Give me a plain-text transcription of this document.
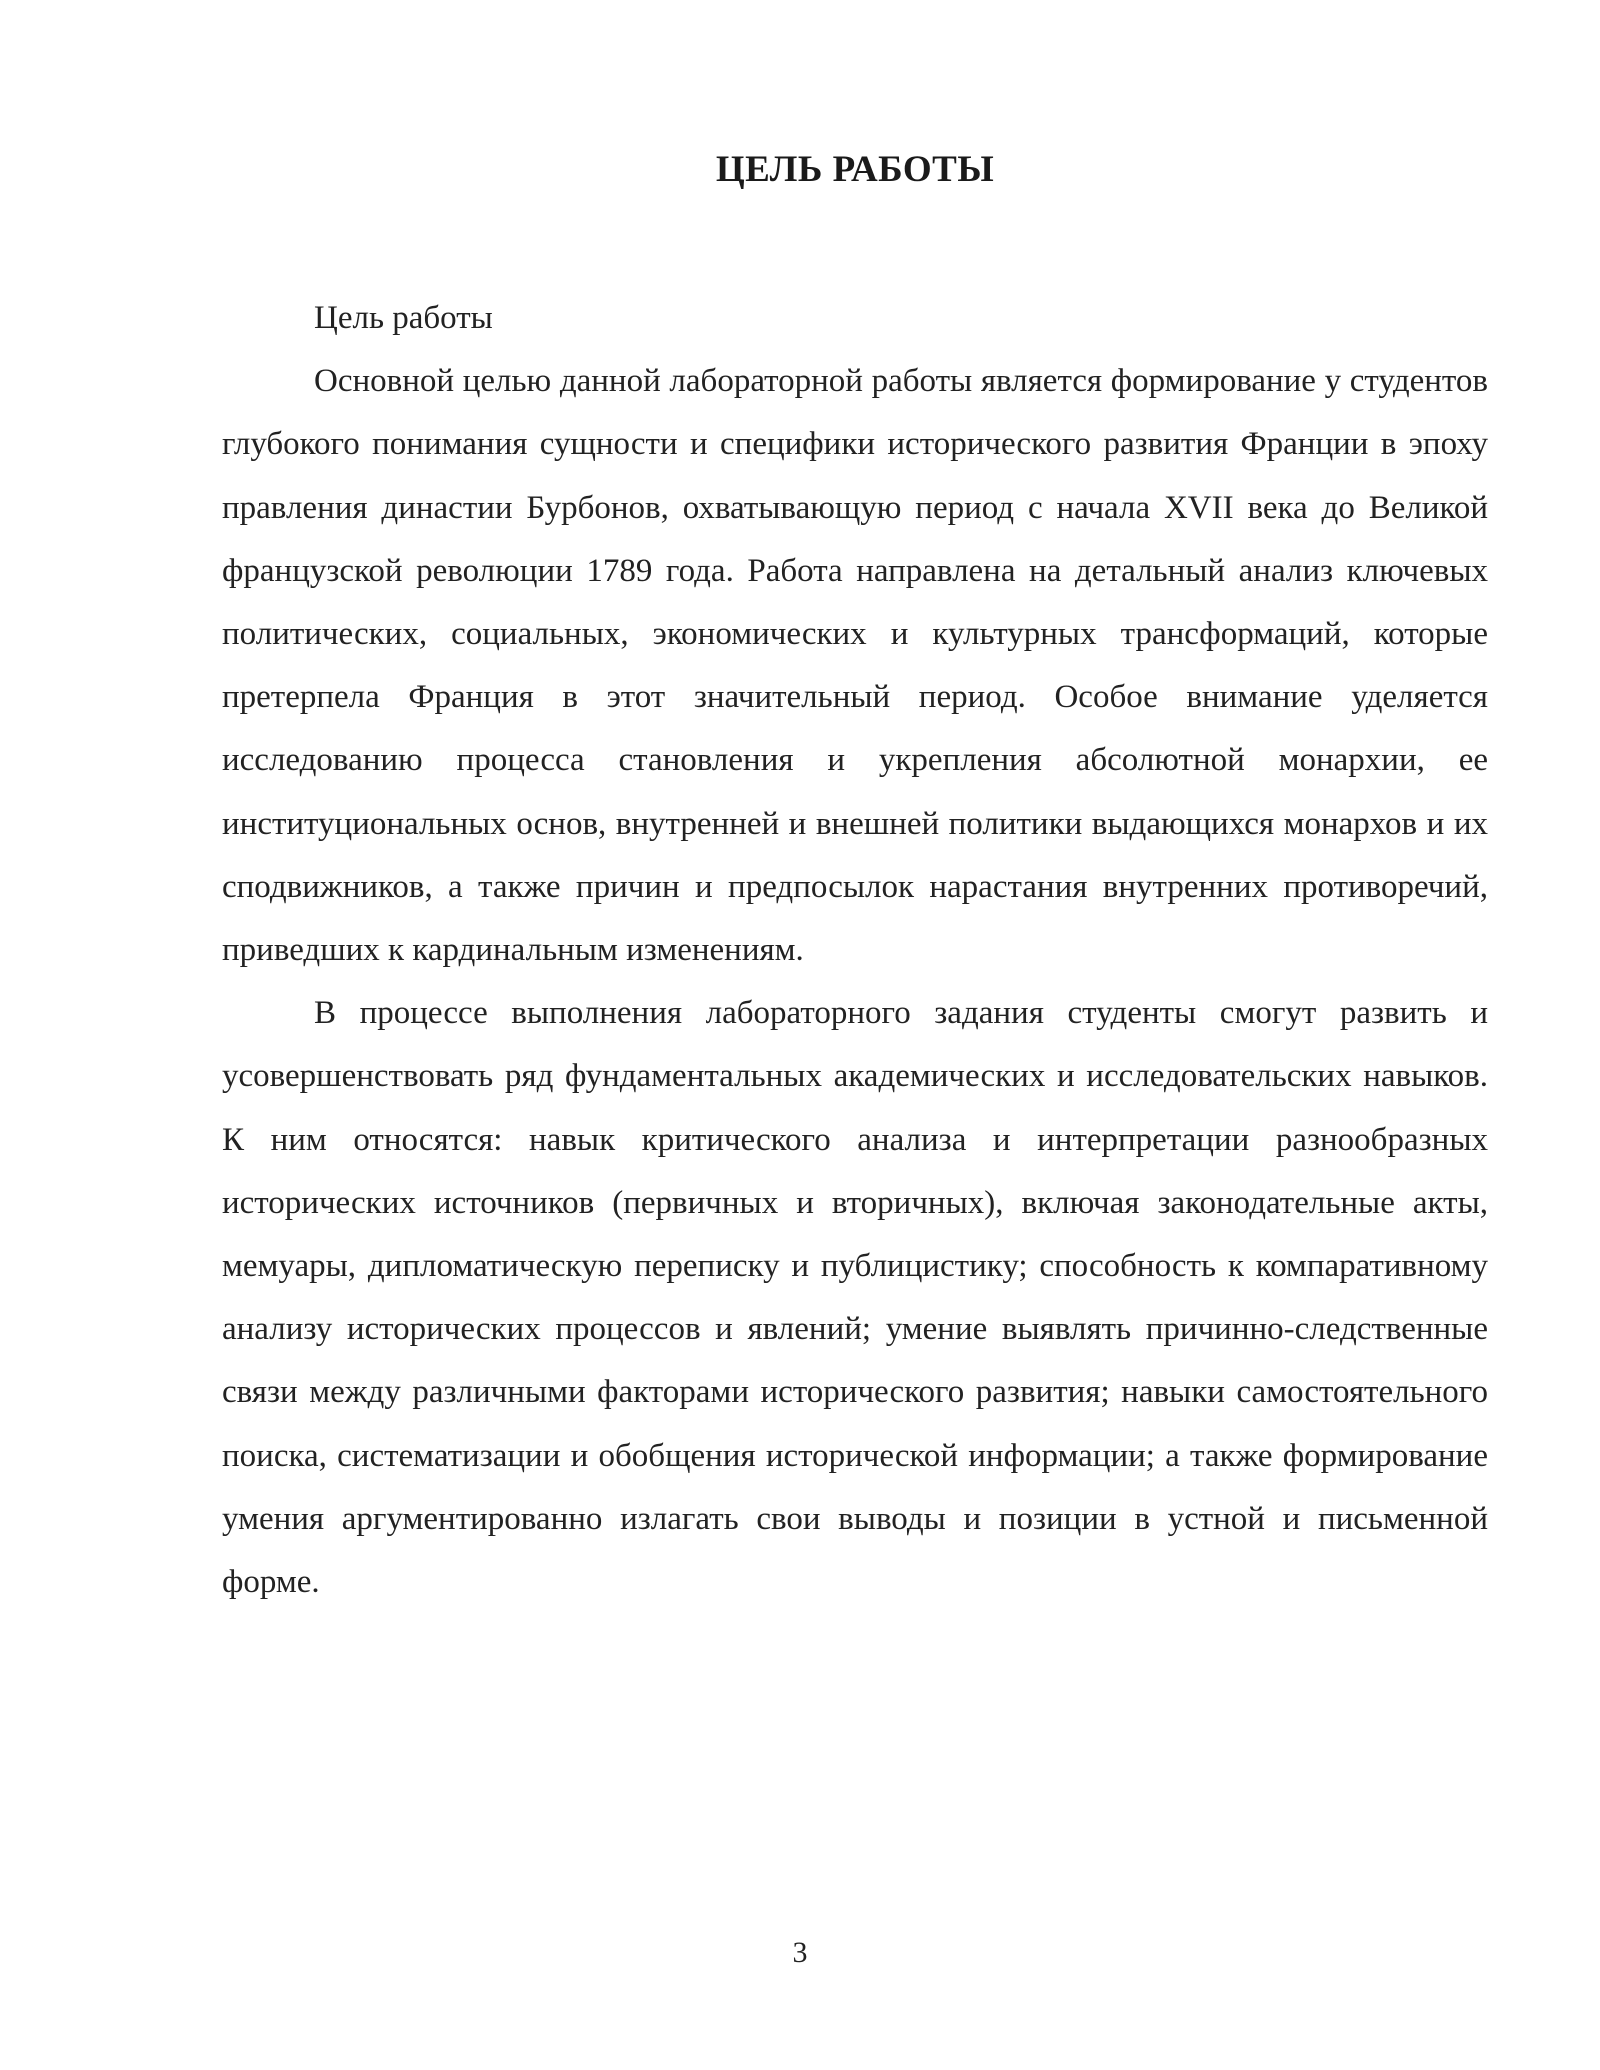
ЦЕЛЬ РАБОТЫ

Цель работы

Основной целью данной лабораторной работы является формирование у студентов глубокого понимания сущности и специфики исторического развития Франции в эпоху правления династии Бурбонов, охватывающую период с начала XVII века до Великой французской революции 1789 года. Работа направлена на детальный анализ ключевых политических, социальных, экономических и культурных трансформаций, которые претерпела Франция в этот значительный период. Особое внимание уделяется исследованию процесса становления и укрепления абсолютной монархии, ее институциональных основ, внутренней и внешней политики выдающихся монархов и их сподвижников, а также причин и предпосылок нарастания внутренних противоречий, приведших к кардинальным изменениям.

В процессе выполнения лабораторного задания студенты смогут развить и усовершенствовать ряд фундаментальных академических и исследовательских навыков. К ним относятся: навык критического анализа и интерпретации разнообразных исторических источников (первичных и вторичных), включая законодательные акты, мемуары, дипломатическую переписку и публицистику; способность к компаративному анализу исторических процессов и явлений; умение выявлять причинно-следственные связи между различными факторами исторического развития; навыки самостоятельного поиска, систематизации и обобщения исторической информации; а также формирование умения аргументированно излагать свои выводы и позиции в устной и письменной форме.

3
